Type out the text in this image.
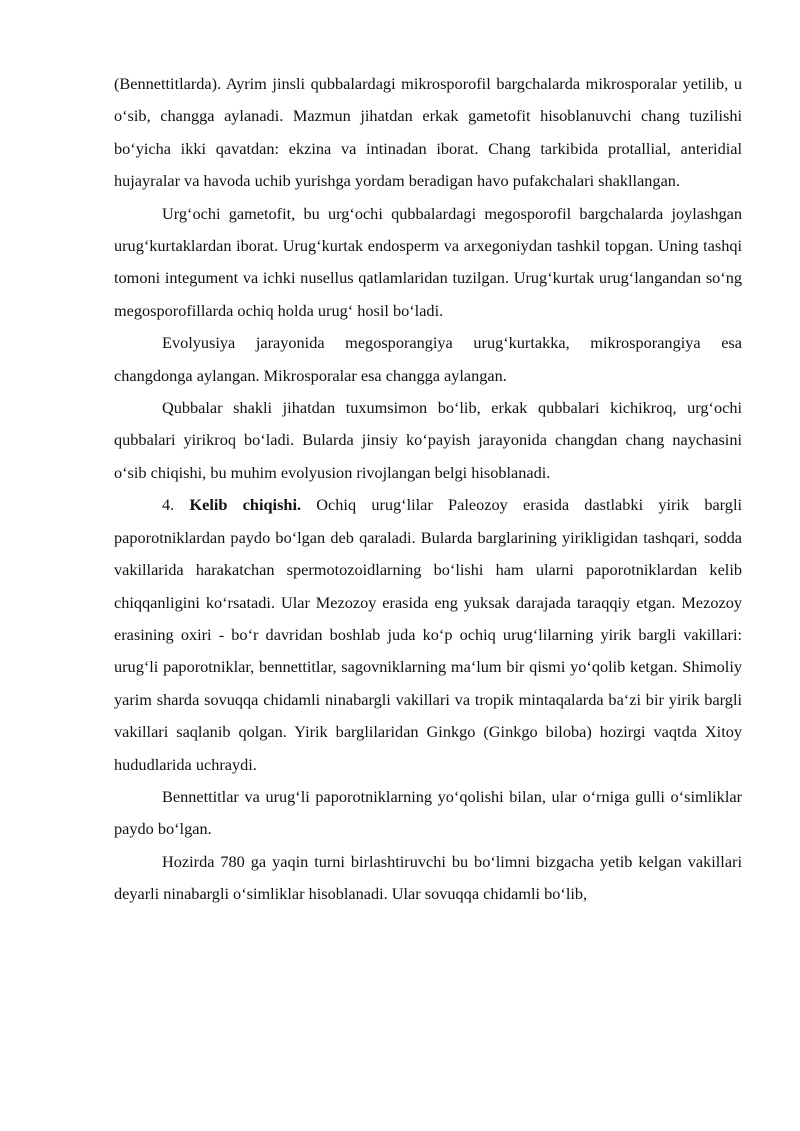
(Bennettitlarda). Ayrim jinsli qubbalardagi mikrosporofil bargchalarda mikrosporalar yetilib, u o‘sib, changga aylanadi. Mazmun jihatdan erkak gametofit hisoblanuvchi chang tuzilishi bo‘yicha ikki qavatdan: ekzina va intinadan iborat. Chang tarkibida protallial, anteridial hujayralar va havoda uchib yurishga yordam beradigan havo pufakchalari shakllangan.

Urg‘ochi gametofit, bu urg‘ochi qubbalardagi megosporofil bargchalarda joylashgan urug‘kurtaklardan iborat. Urug‘kurtak endosperm va arxegoniydan tashkil topgan. Uning tashqi tomoni integument va ichki nusellus qatlamlaridan tuzilgan. Urug‘kurtak urug‘langandan so‘ng megosporofillarda ochiq holda urug‘ hosil bo‘ladi.

Evolyusiya jarayonida megosporangiya urug‘kurtakka, mikrosporangiya esa changdonga aylangan. Mikrosporalar esa changga aylangan.

Qubbalar shakli jihatdan tuxumsimon bo‘lib, erkak qubbalari kichikroq, urg‘ochi qubbalari yirikroq bo‘ladi. Bularda jinsiy ko‘payish jarayonida changdan chang naychasini o‘sib chiqishi, bu muhim evolyusion rivojlangan belgi hisoblanadi.

4. Kelib chiqishi. Ochiq urug‘lilar Paleozoy erasida dastlabki yirik bargli paporotniklardan paydo bo‘lgan deb qaraladi. Bularda barglarining yirikligidan tashqari, sodda vakillarida harakatchan spermotozoidlarning bo‘lishi ham ularni paporotniklardan kelib chiqqanligini ko‘rsatadi. Ular Mezozoy erasida eng yuksak darajada taraqqiy etgan. Mezozoy erasining oxiri - bo‘r davridan boshlab juda ko‘p ochiq urug‘lilarning yirik bargli vakillari: urug‘li paporotniklar, bennettitlar, sagovniklarning ma‘lum bir qismi yo‘qolib ketgan. Shimoliy yarim sharda sovuqqa chidamli ninabargli vakillari va tropik mintaqalarda ba‘zi bir yirik bargli vakillari saqlanib qolgan. Yirik barglilaridan Ginkgo (Ginkgo biloba) hozirgi vaqtda Xitoy hududlarida uchraydi.

Bennettitlar va urug‘li paporotniklarning yo‘qolishi bilan, ular o‘rniga gulli o‘simliklar paydo bo‘lgan.

Hozirda 780 ga yaqin turni birlashtiruvchi bu bo‘limni bizgacha yetib kelgan vakillari deyarli ninabargli o‘simliklar hisoblanadi. Ular sovuqqa chidamli bo‘lib,
